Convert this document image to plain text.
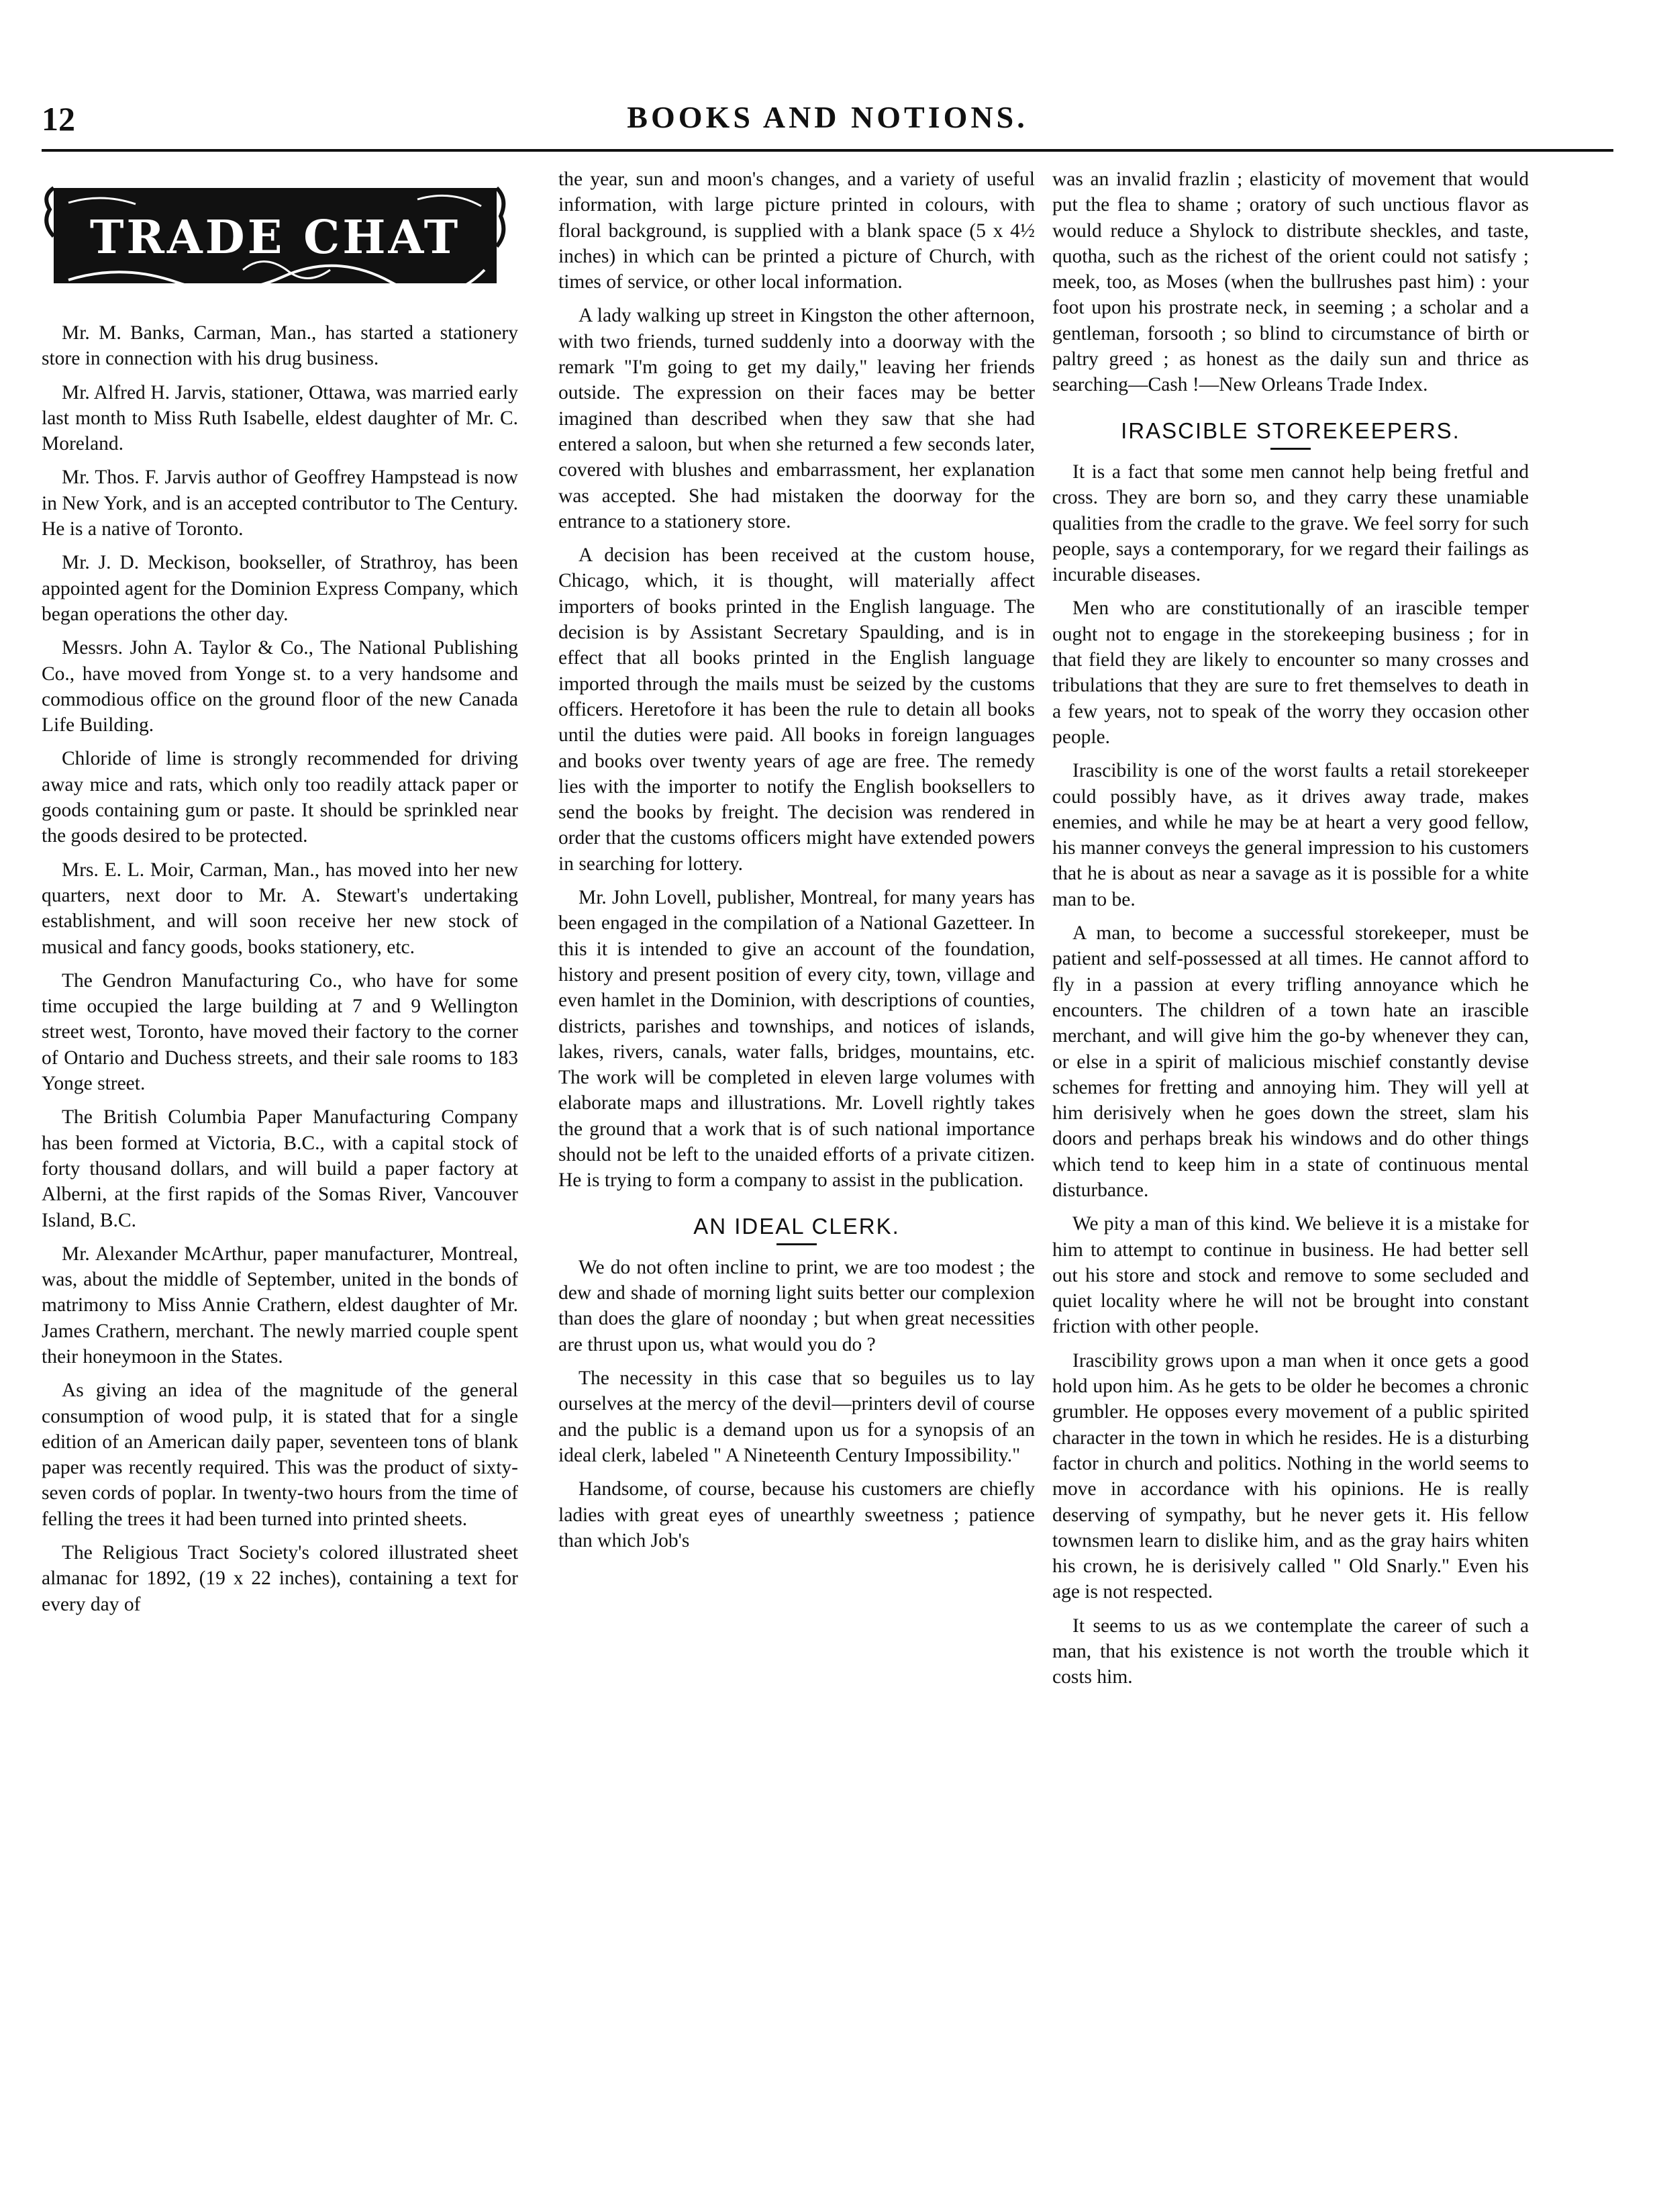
12	BOOKS AND NOTIONS.
TRADE CHAT

Mr. M. Banks, Carman, Man., has started a stationery store in connection with his drug business.

Mr. Alfred H. Jarvis, stationer, Ottawa, was married early last month to Miss Ruth Isabelle, eldest daughter of Mr. C. Moreland.

Mr. Thos. F. Jarvis author of Geoffrey Hampstead is now in New York, and is an accepted contributor to The Century. He is a native of Toronto.

Mr. J. D. Meckison, bookseller, of Strathroy, has been appointed agent for the Dominion Express Company, which began operations the other day.

Messrs. John A. Taylor & Co., The National Publishing Co., have moved from Yonge st. to a very handsome and commodious office on the ground floor of the new Canada Life Building.

Chloride of lime is strongly recommended for driving away mice and rats, which only too readily attack paper or goods containing gum or paste. It should be sprinkled near the goods desired to be protected.

Mrs. E. L. Moir, Carman, Man., has moved into her new quarters, next door to Mr. A. Stewart's undertaking establishment, and will soon receive her new stock of musical and fancy goods, books stationery, etc.

The Gendron Manufacturing Co., who have for some time occupied the large building at 7 and 9 Wellington street west, Toronto, have moved their factory to the corner of Ontario and Duchess streets, and their sale rooms to 183 Yonge street.

The British Columbia Paper Manufacturing Company has been formed at Victoria, B.C., with a capital stock of forty thousand dollars, and will build a paper factory at Alberni, at the first rapids of the Somas River, Vancouver Island, B.C.

Mr. Alexander McArthur, paper manufacturer, Montreal, was, about the middle of September, united in the bonds of matrimony to Miss Annie Crathern, eldest daughter of Mr. James Crathern, merchant. The newly married couple spent their honeymoon in the States.

As giving an idea of the magnitude of the general consumption of wood pulp, it is stated that for a single edition of an American daily paper, seventeen tons of blank paper was recently required. This was the product of sixty-seven cords of poplar. In twenty-two hours from the time of felling the trees it had been turned into printed sheets.

The Religious Tract Society's colored illustrated sheet almanac for 1892, (19 x 22 inches), containing a text for every day of

the year, sun and moon's changes, and a variety of useful information, with large picture printed in colours, with floral background, is supplied with a blank space (5 x 4½ inches) in which can be printed a picture of Church, with times of service, or other local information.

A lady walking up street in Kingston the other afternoon, with two friends, turned suddenly into a doorway with the remark "I'm going to get my daily," leaving her friends outside. The expression on their faces may be better imagined than described when they saw that she had entered a saloon, but when she returned a few seconds later, covered with blushes and embarrassment, her explanation was accepted. She had mistaken the doorway for the entrance to a stationery store.

A decision has been received at the custom house, Chicago, which, it is thought, will materially affect importers of books printed in the English language. The decision is by Assistant Secretary Spaulding, and is in effect that all books printed in the English language imported through the mails must be seized by the customs officers. Heretofore it has been the rule to detain all books until the duties were paid. All books in foreign languages and books over twenty years of age are free. The remedy lies with the importer to notify the English booksellers to send the books by freight. The decision was rendered in order that the customs officers might have extended powers in searching for lottery.

Mr. John Lovell, publisher, Montreal, for many years has been engaged in the compilation of a National Gazetteer. In this it is intended to give an account of the foundation, history and present position of every city, town, village and even hamlet in the Dominion, with descriptions of counties, districts, parishes and townships, and notices of islands, lakes, rivers, canals, water falls, bridges, mountains, etc. The work will be completed in eleven large volumes with elaborate maps and illustrations. Mr. Lovell rightly takes the ground that a work that is of such national importance should not be left to the unaided efforts of a private citizen. He is trying to form a company to assist in the publication.

AN IDEAL CLERK.

We do not often incline to print, we are too modest ; the dew and shade of morning light suits better our complexion than does the glare of noonday ; but when great necessities are thrust upon us, what would you do ?

The necessity in this case that so beguiles us to lay ourselves at the mercy of the devil—printers devil of course and the public is a demand upon us for a synopsis of an ideal clerk, labeled " A Nineteenth Century Impossibility."

Handsome, of course, because his customers are chiefly ladies with great eyes of unearthly sweetness ; patience than which Job's

was an invalid frazlin ; elasticity of movement that would put the flea to shame ; oratory of such unctious flavor as would reduce a Shylock to distribute sheckles, and taste, quotha, such as the richest of the orient could not satisfy ; meek, too, as Moses (when the bullrushes past him) : your foot upon his prostrate neck, in seeming ; a scholar and a gentleman, forsooth ; so blind to circumstance of birth or paltry greed ; as honest as the daily sun and thrice as searching—Cash !—New Orleans Trade Index.

IRASCIBLE STOREKEEPERS.

It is a fact that some men cannot help being fretful and cross. They are born so, and they carry these unamiable qualities from the cradle to the grave. We feel sorry for such people, says a contemporary, for we regard their failings as incurable diseases.

Men who are constitutionally of an irascible temper ought not to engage in the storekeeping business ; for in that field they are likely to encounter so many crosses and tribulations that they are sure to fret themselves to death in a few years, not to speak of the worry they occasion other people.

Irascibility is one of the worst faults a retail storekeeper could possibly have, as it drives away trade, makes enemies, and while he may be at heart a very good fellow, his manner conveys the general impression to his customers that he is about as near a savage as it is possible for a white man to be.

A man, to become a successful storekeeper, must be patient and self-possessed at all times. He cannot afford to fly in a passion at every trifling annoyance which he encounters. The children of a town hate an irascible merchant, and will give him the go-by whenever they can, or else in a spirit of malicious mischief constantly devise schemes for fretting and annoying him. They will yell at him derisively when he goes down the street, slam his doors and perhaps break his windows and do other things which tend to keep him in a state of continuous mental disturbance.

We pity a man of this kind. We believe it is a mistake for him to attempt to continue in business. He had better sell out his store and stock and remove to some secluded and quiet locality where he will not be brought into constant friction with other people.

Irascibility grows upon a man when it once gets a good hold upon him. As he gets to be older he becomes a chronic grumbler. He opposes every movement of a public spirited character in the town in which he resides. He is a disturbing factor in church and politics. Nothing in the world seems to move in accordance with his opinions. He is really deserving of sympathy, but he never gets it. His fellow townsmen learn to dislike him, and as the gray hairs whiten his crown, he is derisively called " Old Snarly." Even his age is not respected.

It seems to us as we contemplate the career of such a man, that his existence is not worth the trouble which it costs him.
